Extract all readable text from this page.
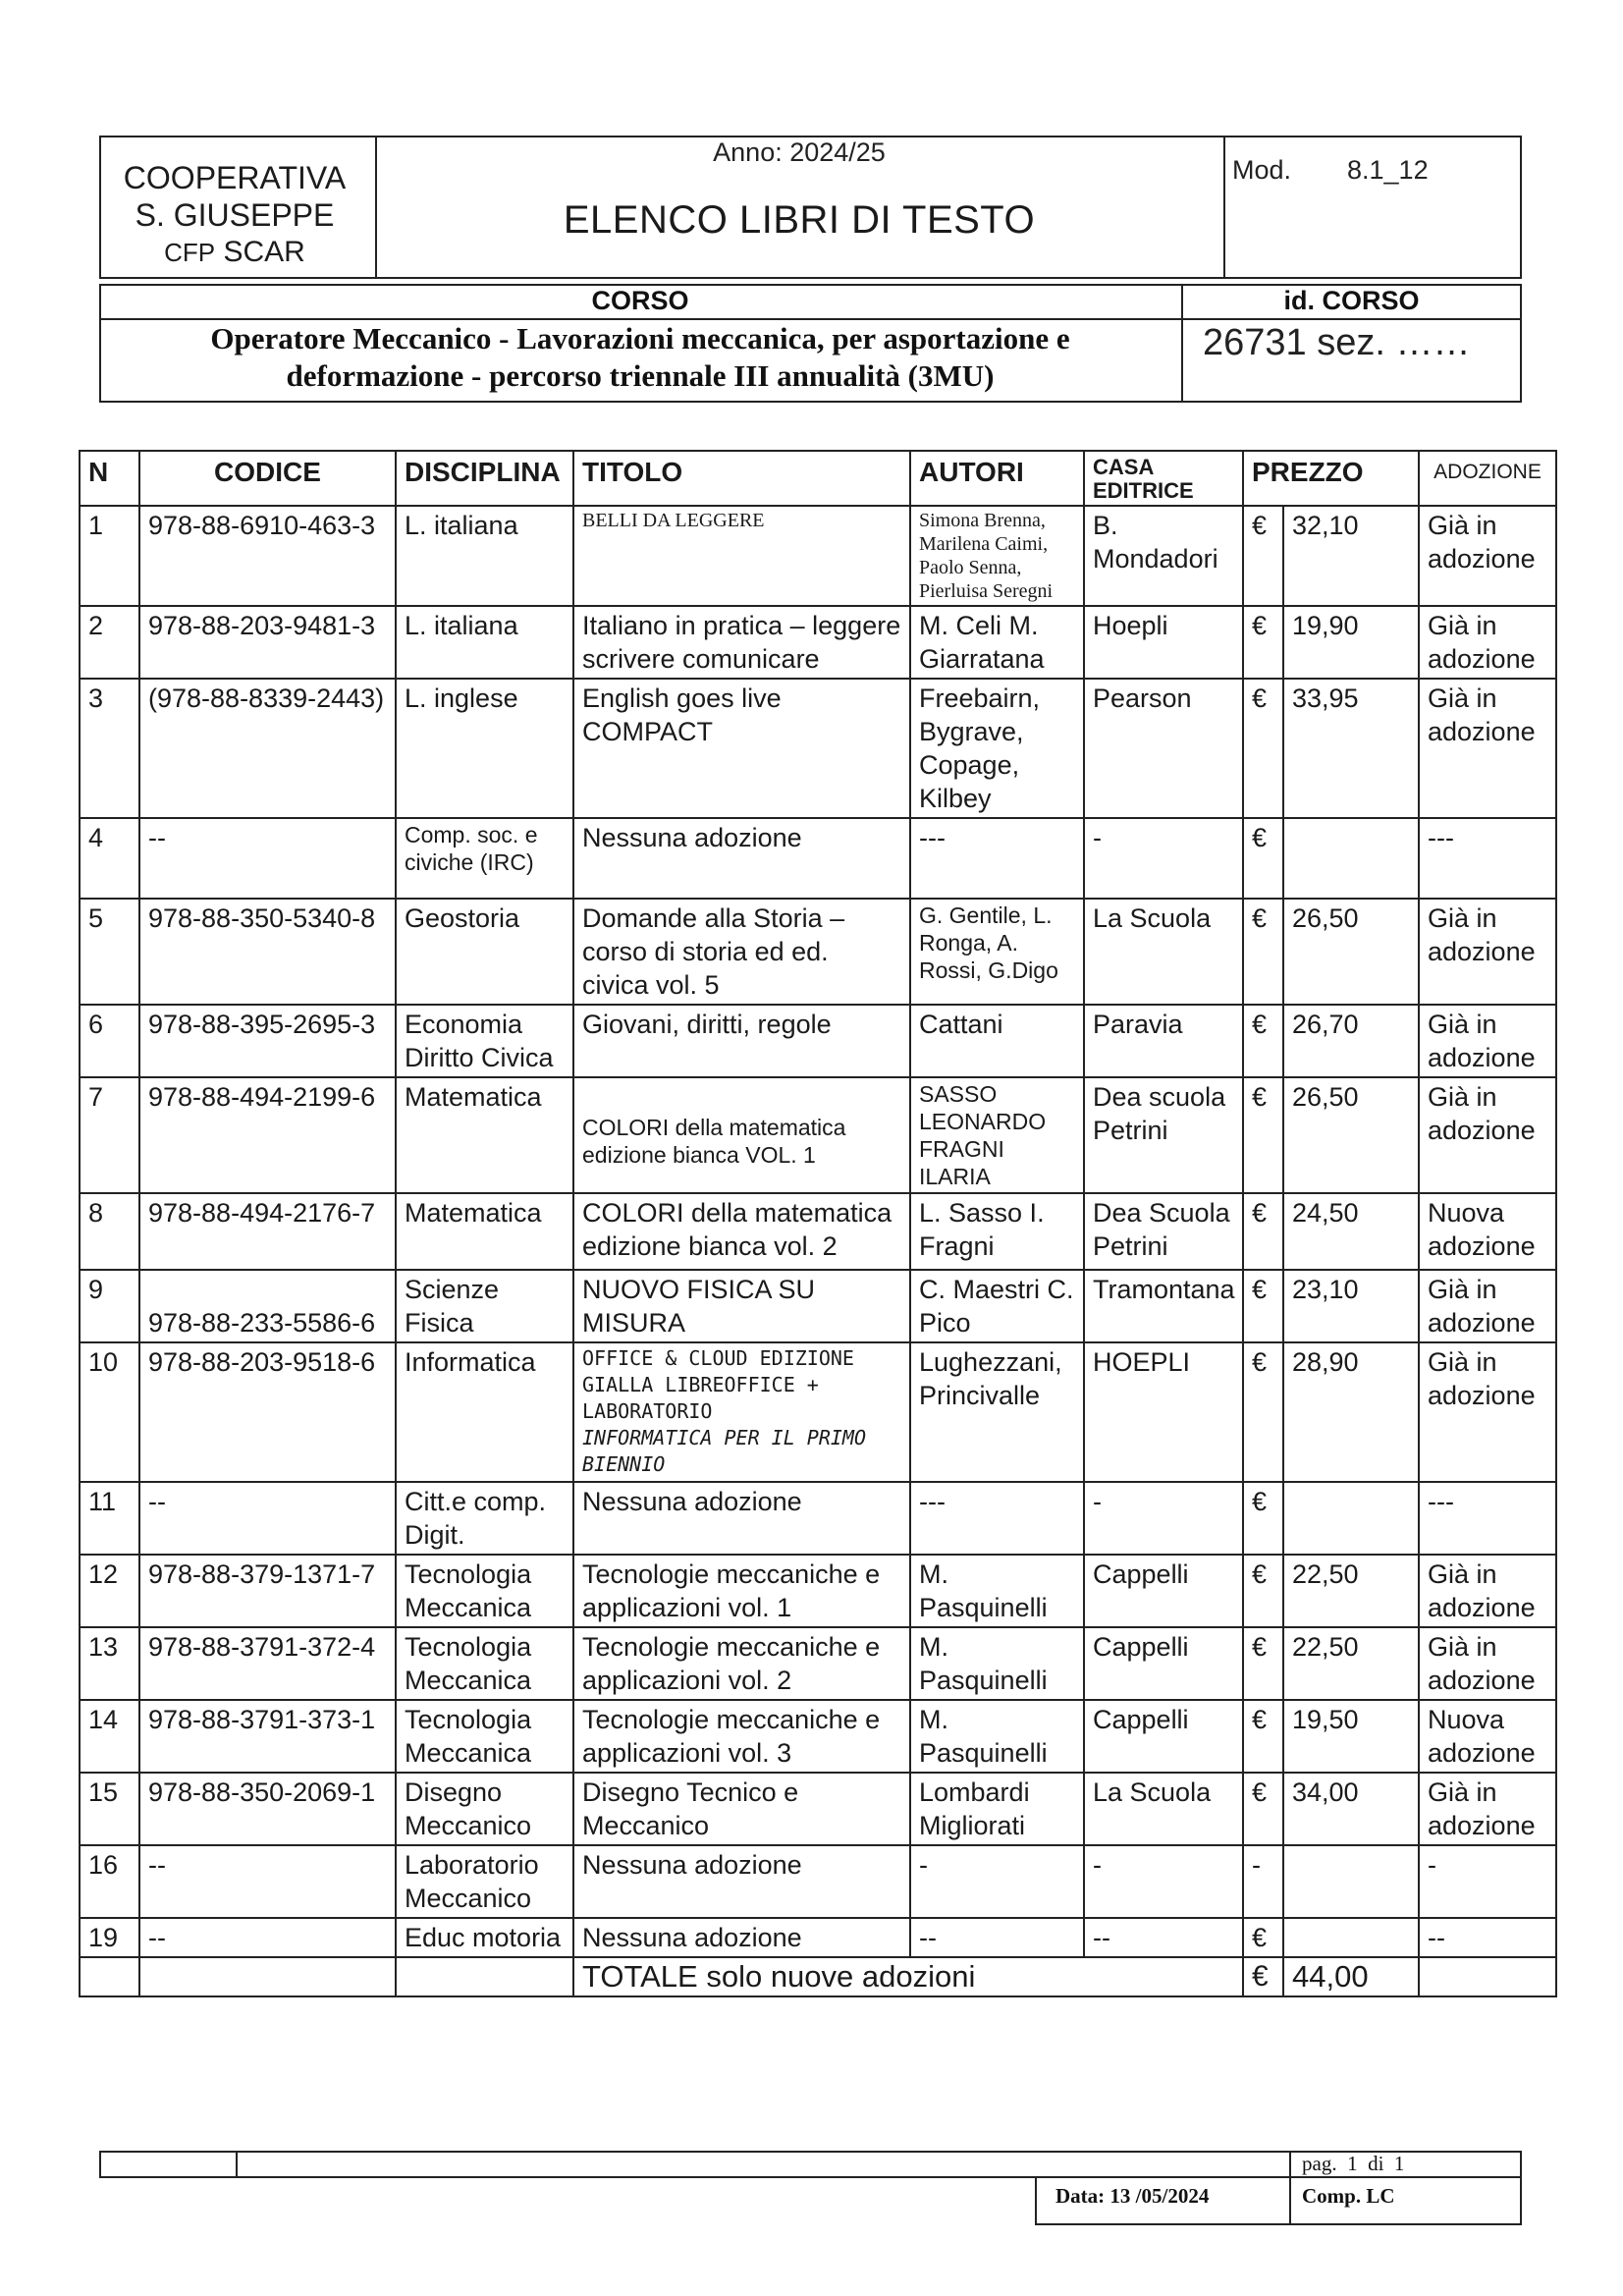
COOPERATIVA
S. GIUSEPPE
CFP SCAR
Anno: 2024/25
ELENCO LIBRI DI TESTO
Mod. 8.1_12
CORSO	id. CORSO
Operatore Meccanico - Lavorazioni meccanica, per asportazione e
deformazione - percorso triennale III annualità (3MU)
26731 sez. ……
N	CODICE	DISCIPLINA	TITOLO	AUTORI	CASA EDITRICE	PREZZO		ADOZIONE
1	978-88-6910-463-3	L. italiana	BELLI DA LEGGERE	Simona Brenna, Marilena Caimi, Paolo Senna, Pierluisa Seregni	B. Mondadori	€	32,10	Già in adozione
2	978-88-203-9481-3	L. italiana	Italiano in pratica – leggere scrivere comunicare	M. Celi M. Giarratana	Hoepli	€	19,90	Già in adozione
3	(978-88-8339-2443)	L. inglese	English goes live COMPACT	Freebairn, Bygrave, Copage, Kilbey	Pearson	€	33,95	Già in adozione
4	--	Comp. soc. e civiche (IRC)	Nessuna adozione	---	-	€		---
5	978-88-350-5340-8	Geostoria	Domande alla Storia – corso di storia ed ed. civica vol. 5	G. Gentile, L. Ronga, A. Rossi, G.Digo	La Scuola	€	26,50	Già in adozione
6	978-88-395-2695-3	Economia Diritto Civica	Giovani, diritti, regole	Cattani	Paravia	€	26,70	Già in adozione
7	978-88-494-2199-6	Matematica	COLORI della matematica edizione bianca VOL. 1	SASSO LEONARDO FRAGNI ILARIA	Dea scuola Petrini	€	26,50	Già in adozione
8	978-88-494-2176-7	Matematica	COLORI della matematica edizione bianca vol. 2	L. Sasso I. Fragni	Dea Scuola Petrini	€	24,50	Nuova adozione
9	978-88-233-5586-6	Scienze Fisica	NUOVO FISICA SU MISURA	C. Maestri C. Pico	Tramontana	€	23,10	Già in adozione
10	978-88-203-9518-6	Informatica	OFFICE & CLOUD EDIZIONE GIALLA LIBREOFFICE + LABORATORIO
INFORMATICA PER IL PRIMO BIENNIO	Lughezzani, Princivalle	HOEPLI	€	28,90	Già in adozione
11	--	Citt.e comp. Digit.	Nessuna adozione	---	-	€		---
12	978-88-379-1371-7	Tecnologia Meccanica	Tecnologie meccaniche e applicazioni vol. 1	M. Pasquinelli	Cappelli	€	22,50	Già in adozione
13	978-88-3791-372-4	Tecnologia Meccanica	Tecnologie meccaniche e applicazioni vol. 2	M. Pasquinelli	Cappelli	€	22,50	Già in adozione
14	978-88-3791-373-1	Tecnologia Meccanica	Tecnologie meccaniche e applicazioni vol. 3	M. Pasquinelli	Cappelli	€	19,50	Nuova adozione
15	978-88-350-2069-1	Disegno Meccanico	Disegno Tecnico e Meccanico	Lombardi Migliorati	La Scuola	€	34,00	Già in adozione
16	--	Laboratorio Meccanico	Nessuna adozione	-	-	-		-
19	--	Educ motoria	Nessuna adozione	--	--	€		--
			TOTALE solo nuove adozioni			€	44,00	
pag.  1  di  1
Data: 13 /05/2024	Comp. LC
